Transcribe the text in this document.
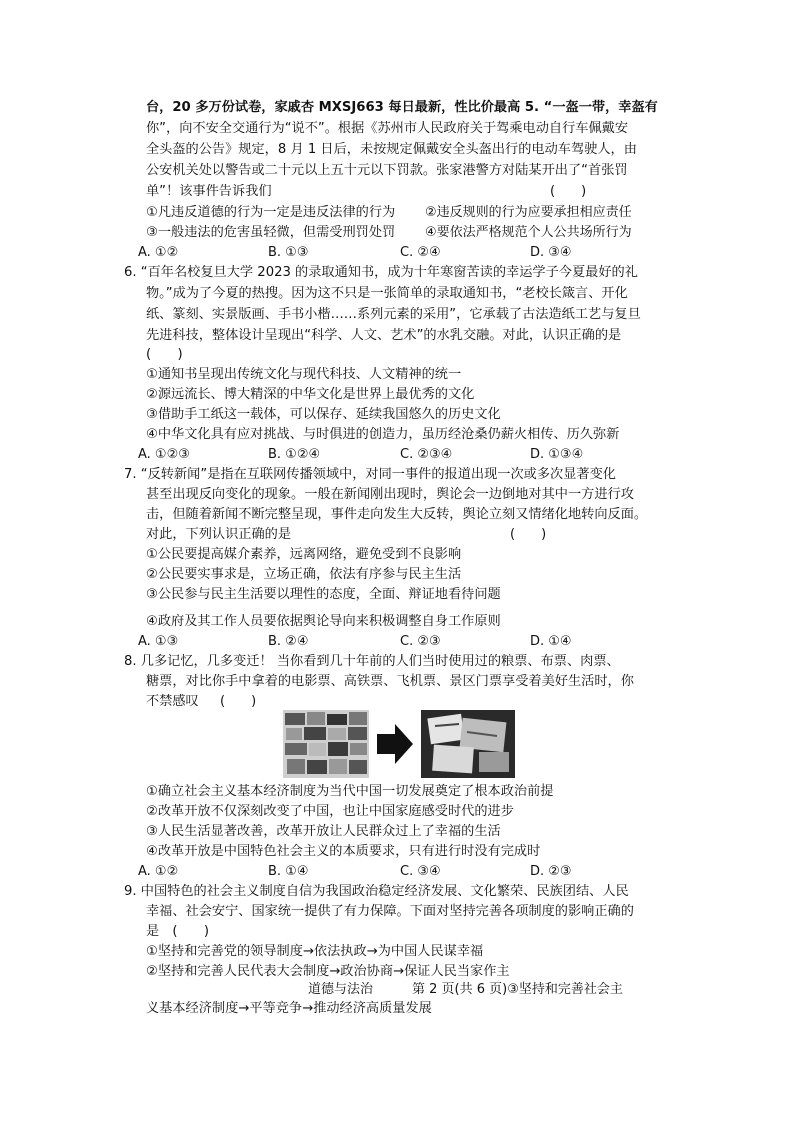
台，20 多万份试卷，家戚杏 MXSJ663 每日最新，性比价最高 5. “一盔一带，幸盔有
你”，向不安全交通行为“说不”。根据《苏州市人民政府关于驾乘电动自行车佩戴安
全头盔的公告》规定，8 月 1 日后，未按规定佩戴安全头盔出行的电动车驾驶人，由
公安机关处以警告或二十元以上五十元以下罚款。张家港警方对陆某开出了“首张罚
单”！该事件告诉我们	(　　)
①凡违反道德的行为一定是违反法律的行为 ②违反规则的行为应要承担相应责任
③一般违法的危害虽轻微，但需受刑罚处罚 ④要依法严格规范个人公共场所行为
A. ①②	B. ①③	C. ②④	D. ③④
6. “百年名校复旦大学 2023 的录取通知书，成为十年寒窗苦读的幸运学子今夏最好的礼
物。”成为了今夏的热搜。因为这不只是一张简单的录取通知书，“老校长箴言、开化
纸、篆刻、实景版画、手书小楷……系列元素的采用”，它承载了古法造纸工艺与复旦
先进科技，整体设计呈现出“科学、人文、艺术”的水乳交融。对此，认识正确的是
(　　)
①通知书呈现出传统文化与现代科技、人文精神的统一
②源远流长、博大精深的中华文化是世界上最优秀的文化
③借助手工纸这一载体，可以保存、延续我国悠久的历史文化
④中华文化具有应对挑战、与时俱进的创造力，虽历经沧桑仍薪火相传、历久弥新
A. ①②③	B. ①②④	C. ②③④	D. ①③④
7. “反转新闻”是指在互联网传播领域中，对同一事件的报道出现一次或多次显著变化
甚至出现反向变化的现象。一般在新闻刚出现时，舆论会一边倒地对其中一方进行攻
击，但随着新闻不断完整呈现，事件走向发生大反转，舆论立刻又情绪化地转向反面。
对此，下列认识正确的是	(　　)
①公民要提高媒介素养，远离网络，避免受到不良影响
②公民要实事求是，立场正确，依法有序参与民主生活
③公民参与民主生活要以理性的态度，全面、辩证地看待问题
④政府及其工作人员要依据舆论导向来积极调整自身工作原则
A. ①③	B. ②④	C. ②③	D. ①④
8. 几多记忆，几多变迁！ 当你看到几十年前的人们当时使用过的粮票、布票、肉票、
糖票，对比你手中拿着的电影票、高铁票、飞机票、景区门票享受着美好生活时，你
不禁感叹 (　　)
①确立社会主义基本经济制度为当代中国一切发展奠定了根本政治前提
②改革开放不仅深刻改变了中国，也让中国家庭感受时代的进步
③人民生活显著改善，改革开放让人民群众过上了幸福的生活
④改革开放是中国特色社会主义的本质要求，只有进行时没有完成时
A. ①②	B. ①④	C. ③④	D. ②③
9. 中国特色的社会主义制度自信为我国政治稳定经济发展、文化繁荣、民族团结、人民
幸福、社会安宁、国家统一提供了有力保障。下面对坚持完善各项制度的影响正确的
是　(　　)
①坚持和完善党的领导制度→依法执政→为中国人民谋幸福
②坚持和完善人民代表大会制度→政治协商→保证人民当家作主
道德与法治　　　第 2 页(共 6 页)③坚持和完善社会主
义基本经济制度→平等竞争→推动经济高质量发展
